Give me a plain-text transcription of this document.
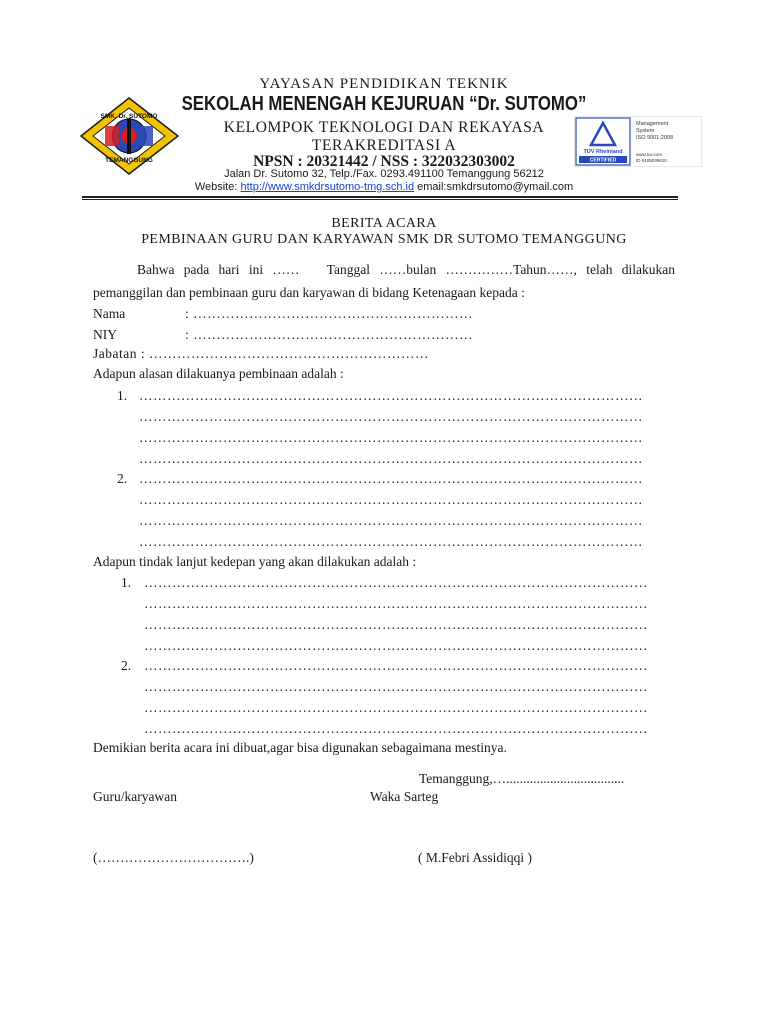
SMK. Dr. SUTOMO
TEMANGGUNG
TÜV Rheinland
CERTIFIED
Management
System
ISO 9001:2008
www.tuv.com
ID 9105039610
YAYASAN PENDIDIKAN TEKNIK
SEKOLAH MENENGAH KEJURUAN “Dr. SUTOMO”
KELOMPOK TEKNOLOGI DAN REKAYASA
TERAKREDITASI A
NPSN : 20321442 / NSS : 322032303002
Jalan Dr. Sutomo 32, Telp./Fax. 0293.491100 Temanggung 56212
Website: http://www.smkdrsutomo-tmg.sch.id email:smkdrsutomo@ymail.com
BERITA ACARA
PEMBINAAN GURU DAN KARYAWAN SMK DR SUTOMO TEMANGGUNG
Bahwa pada hari ini …… Tanggal ……bulan ……………Tahun……, telah dilakukan
pemanggilan dan pembinaan guru dan karyawan di bidang Ketenagaan kepada :
Nama	: ……………………………………………………
NIY	: ……………………………………………………
Jabatan : ……………………………………………………
Adapun alasan dilakuanya pembinaan adalah :
1. ………………………………………………………………………………………………
………………………………………………………………………………………………
………………………………………………………………………………………………
………………………………………………………………………………………………
2. ………………………………………………………………………………………………
………………………………………………………………………………………………
………………………………………………………………………………………………
………………………………………………………………………………………………
Adapun tindak lanjut kedepan yang akan dilakukan adalah :
1. ………………………………………………………………………………………………
………………………………………………………………………………………………
………………………………………………………………………………………………
………………………………………………………………………………………………
2. ………………………………………………………………………………………………
………………………………………………………………………………………………
………………………………………………………………………………………………
………………………………………………………………………………………………
Demikian berita acara ini dibuat,agar bisa digunakan sebagaimana mestinya.
Temanggung,…...................................
Guru/karyawan	Waka Sarteg
(…………………………….)	( M.Febri Assidiqqi )
